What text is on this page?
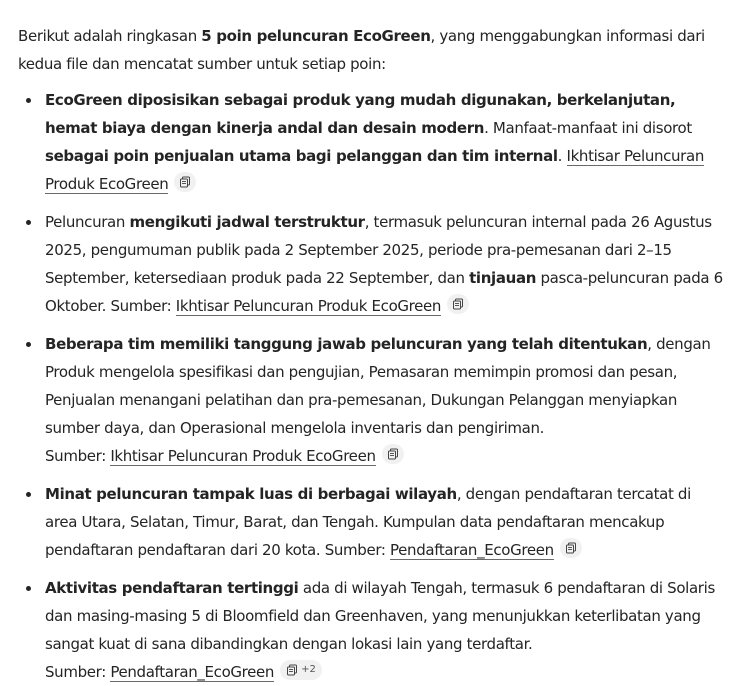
Berikut adalah ringkasan 5 poin peluncuran EcoGreen, yang menggabungkan informasi dari kedua file dan mencatat sumber untuk setiap poin:

EcoGreen diposisikan sebagai produk yang mudah digunakan, berkelanjutan, hemat biaya dengan kinerja andal dan desain modern. Manfaat-manfaat ini disorot sebagai poin penjualan utama bagi pelanggan dan tim internal. Ikhtisar Peluncuran Produk EcoGreen
Peluncuran mengikuti jadwal terstruktur, termasuk peluncuran internal pada 26 Agustus 2025, pengumuman publik pada 2 September 2025, periode pra-pemesanan dari 2–15 September, ketersediaan produk pada 22 September, dan tinjauan pasca-peluncuran pada 6 Oktober. Sumber: Ikhtisar Peluncuran Produk EcoGreen
Beberapa tim memiliki tanggung jawab peluncuran yang telah ditentukan, dengan Produk mengelola spesifikasi dan pengujian, Pemasaran memimpin promosi dan pesan, Penjualan menangani pelatihan dan pra-pemesanan, Dukungan Pelanggan menyiapkan sumber daya, dan Operasional mengelola inventaris dan pengiriman.
Sumber: Ikhtisar Peluncuran Produk EcoGreen
Minat peluncuran tampak luas di berbagai wilayah, dengan pendaftaran tercatat di area Utara, Selatan, Timur, Barat, dan Tengah. Kumpulan data pendaftaran mencakup pendaftaran pendaftaran dari 20 kota. Sumber: Pendaftaran_EcoGreen
Aktivitas pendaftaran tertinggi ada di wilayah Tengah, termasuk 6 pendaftaran di Solaris dan masing-masing 5 di Bloomfield dan Greenhaven, yang menunjukkan keterlibatan yang sangat kuat di sana dibandingkan dengan lokasi lain yang terdaftar.
Sumber: Pendaftaran_EcoGreen	+2
